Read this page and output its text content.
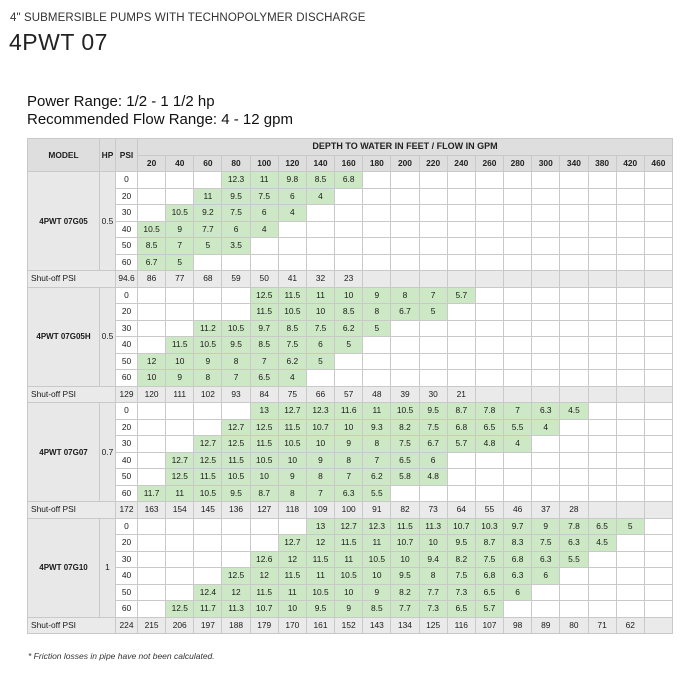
4" SUBMERSIBLE PUMPS WITH TECHNOPOLYMER DISCHARGE
4PWT 07
Power Range: 1/2 - 1 1/2 hp
Recommended Flow Range: 4 - 12 gpm
MODEL	HP	PSI	DEPTH TO WATER IN FEET / FLOW IN GPM																		
			20	40	60	80	100	120	140	160	180	200	220	240	260	280	300	340	380	420	460
4PWT 07G05	0.5	0				12.3	11	9.8	8.5	6.8											
		20			11	9.5	7.5	6	4												
		30		10.5	9.2	7.5	6	4													
		40	10.5	9	7.7	6	4														
		50	8.5	7	5	3.5															
		60	6.7	5																	
Shut-off PSI		94.6	86	77	68	59	50	41	32	23											
4PWT 07G05H	0.5	0					12.5	11.5	11	10	9	8	7	5.7							
		20					11.5	10.5	10	8.5	8	6.7	5								
		30			11.2	10.5	9.7	8.5	7.5	6.2	5										
		40		11.5	10.5	9.5	8.5	7.5	6	5											
		50	12	10	9	8	7	6.2	5												
		60	10	9	8	7	6.5	4													
Shut-off PSI		129	120	111	102	93	84	75	66	57	48	39	30	21							
4PWT 07G07	0.7	0					13	12.7	12.3	11.6	11	10.5	9.5	8.7	7.8	7	6.3	4.5			
		20				12.7	12.5	11.5	10.7	10	9.3	8.2	7.5	6.8	6.5	5.5	4				
		30			12.7	12.5	11.5	10.5	10	9	8	7.5	6.7	5.7	4.8	4					
		40		12.7	12.5	11.5	10.5	10	9	8	7	6.5	6								
		50		12.5	11.5	10.5	10	9	8	7	6.2	5.8	4.8								
		60	11.7	11	10.5	9.5	8.7	8	7	6.3	5.5										
Shut-off PSI		172	163	154	145	136	127	118	109	100	91	82	73	64	55	46	37	28			
4PWT 07G10	1	0							13	12.7	12.3	11.5	11.3	10.7	10.3	9.7	9	7.8	6.5	5	
		20						12.7	12	11.5	11	10.7	10	9.5	8.7	8.3	7.5	6.3	4.5		
		30					12.6	12	11.5	11	10.5	10	9.4	8.2	7.5	6.8	6.3	5.5			
		40				12.5	12	11.5	11	10.5	10	9.5	8	7.5	6.8	6.3	6				
		50			12.4	12	11.5	11	10.5	10	9	8.2	7.7	7.3	6.5	6					
		60		12.5	11.7	11.3	10.7	10	9.5	9	8.5	7.7	7.3	6.5	5.7						
Shut-off PSI		224	215	206	197	188	179	170	161	152	143	134	125	116	107	98	89	80	71	62	
* Friction losses in pipe have not been calculated.
